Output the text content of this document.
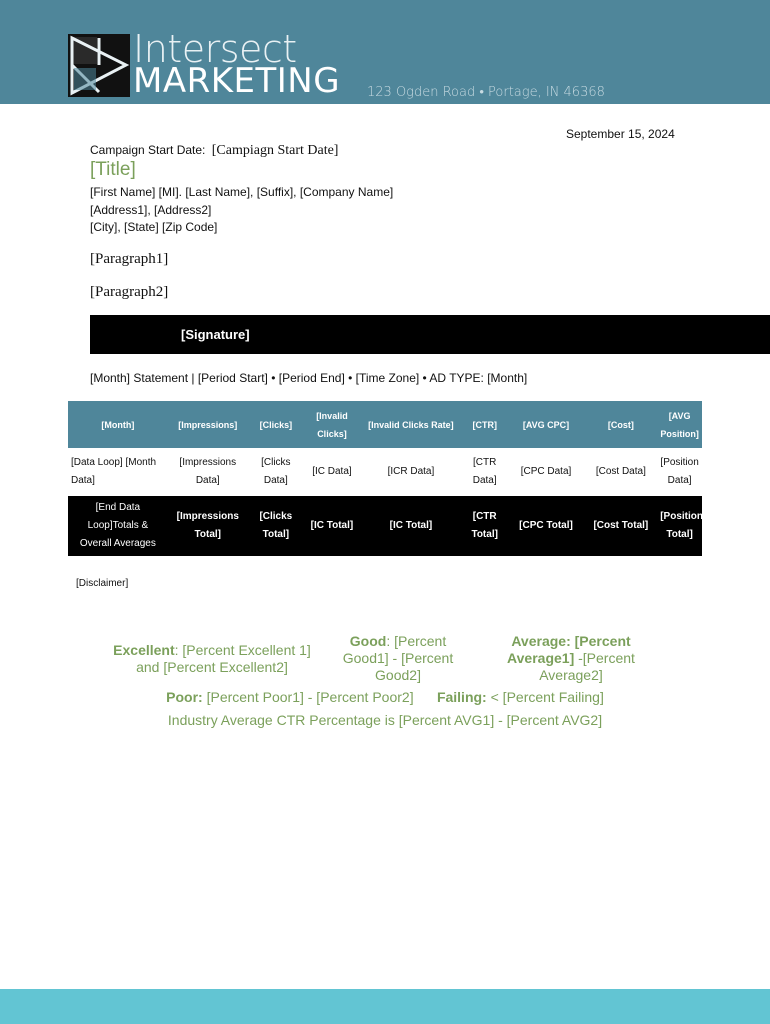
Intersect
MARKETING 123 Ogden Road • Portage, IN 46368
September 15, 2024
Campaign Start Date: [Campiagn Start Date]
[Title]
[First Name] [MI]. [Last Name], [Suffix], [Company Name]
[Address1], [Address2]
[City], [State] [Zip Code]
[Paragraph1]
[Paragraph2]
[Signature]
[Month] Statement | [Period Start] • [Period End] • [Time Zone] • AD TYPE: [Month]
[Month]	[Impressions]	[Clicks]	[Invalid Clicks]	[Invalid Clicks Rate]	[CTR]	[AVG CPC]	[Cost]	[AVG Position]
[Data Loop] [Month Data]	[Impressions Data]	[Clicks Data]	[IC Data]	[ICR Data]	[CTR Data]	[CPC Data]	[Cost Data]	[Position Data]
[End Data Loop]Totals & Overall Averages	[Impressions Total]	[Clicks Total]	[IC Total]	[IC Total]	[CTR Total]	[CPC Total]	[Cost Total]	[Position Total]
[Disclaimer]
Excellent: [Percent Excellent 1] and [Percent Excellent2]
Good: [Percent Good1] - [Percent Good2]
Average: [Percent Average1] -[Percent Average2]
Poor: [Percent Poor1] - [Percent Poor2] Failing: < [Percent Failing]
Industry Average CTR Percentage is [Percent AVG1] - [Percent AVG2]
